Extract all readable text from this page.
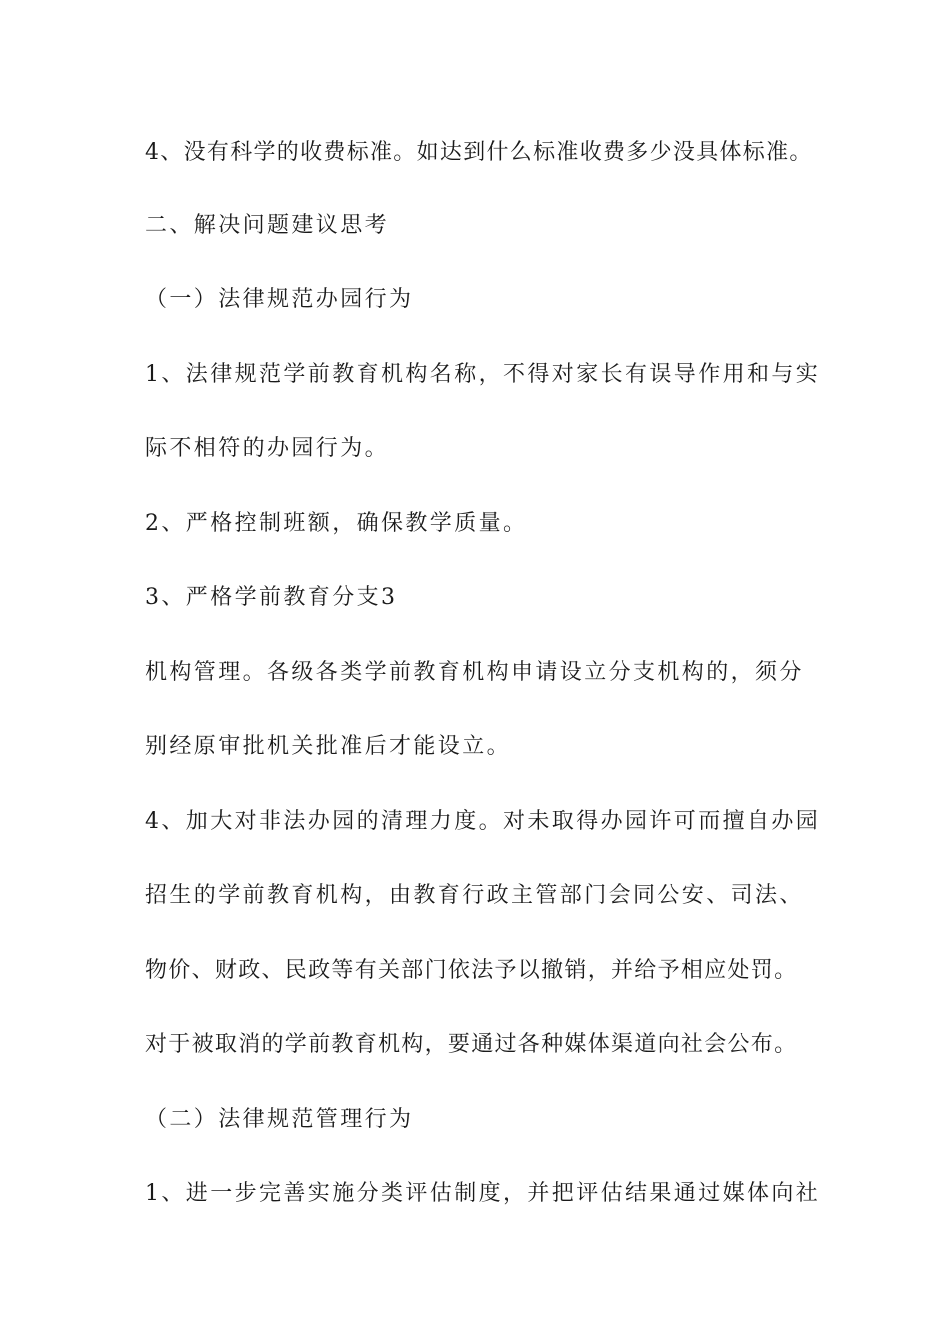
4、没有科学的收费标准。如达到什么标准收费多少没具体标准。
二、解决问题建议思考
（一）法律规范办园行为
1、法律规范学前教育机构名称，不得对家长有误导作用和与实
际不相符的办园行为。
2、严格控制班额，确保教学质量。
3、严格学前教育分支3
机构管理。各级各类学前教育机构申请设立分支机构的，须分
别经原审批机关批准后才能设立。
4、加大对非法办园的清理力度。对未取得办园许可而擅自办园
招生的学前教育机构，由教育行政主管部门会同公安、司法、
物价、财政、民政等有关部门依法予以撤销，并给予相应处罚。
对于被取消的学前教育机构，要通过各种媒体渠道向社会公布。
（二）法律规范管理行为
1、进一步完善实施分类评估制度，并把评估结果通过媒体向社
